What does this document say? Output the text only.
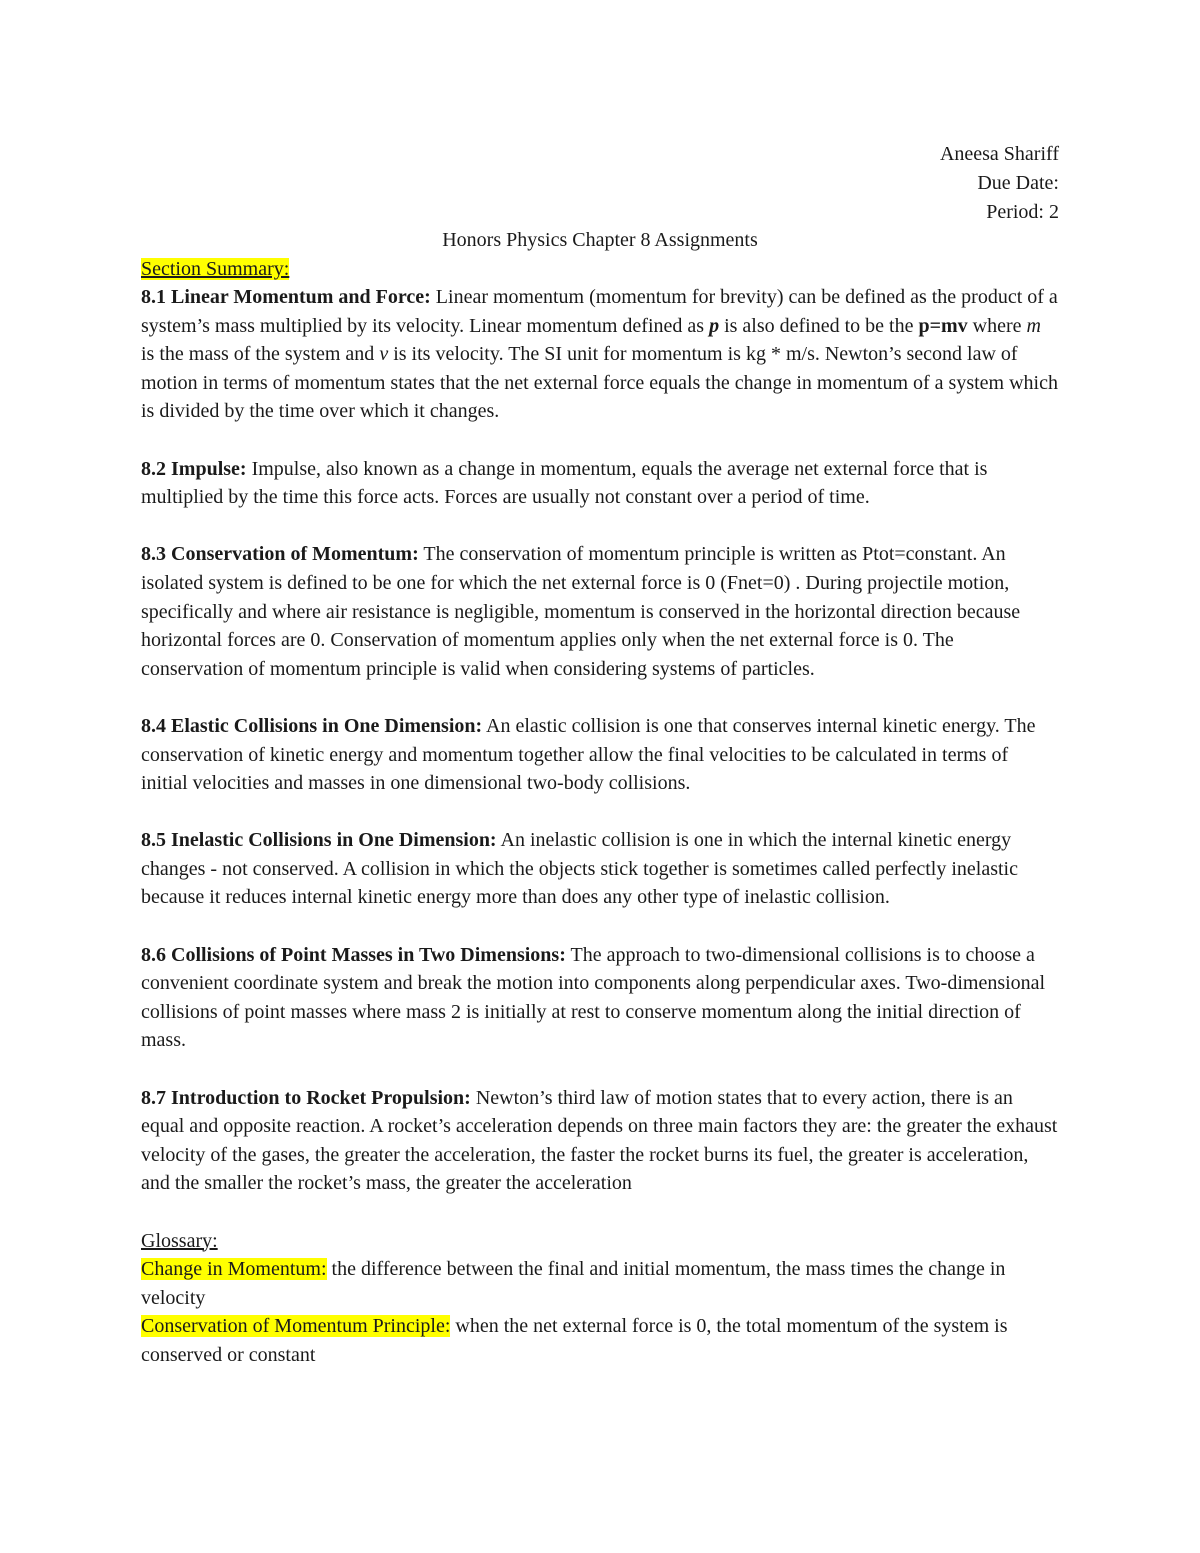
Aneesa Shariff
Due Date:
Period: 2
Honors Physics Chapter 8 Assignments
Section Summary:

8.1 Linear Momentum and Force: Linear momentum (momentum for brevity) can be defined as the product of a system’s mass multiplied by its velocity. Linear momentum defined as p is also defined to be the p=mv where m is the mass of the system and v is its velocity. The SI unit for momentum is kg * m/s. Newton’s second law of motion in terms of momentum states that the net external force equals the change in momentum of a system which is divided by the time over which it changes.

8.2 Impulse: Impulse, also known as a change in momentum, equals the average net external force that is multiplied by the time this force acts. Forces are usually not constant over a period of time.

8.3 Conservation of Momentum: The conservation of momentum principle is written as Ptot=constant. An isolated system is defined to be one for which the net external force is 0 (Fnet=0) . During projectile motion, specifically and where air resistance is negligible, momentum is conserved in the horizontal direction because horizontal forces are 0. Conservation of momentum applies only when the net external force is 0. The conservation of momentum principle is valid when considering systems of particles.

8.4 Elastic Collisions in One Dimension: An elastic collision is one that conserves internal kinetic energy. The conservation of kinetic energy and momentum together allow the final velocities to be calculated in terms of initial velocities and masses in one dimensional two-body collisions.

8.5 Inelastic Collisions in One Dimension: An inelastic collision is one in which the internal kinetic energy changes - not conserved. A collision in which the objects stick together is sometimes called perfectly inelastic because it reduces internal kinetic energy more than does any other type of inelastic collision.

8.6 Collisions of Point Masses in Two Dimensions: The approach to two-dimensional collisions is to choose a convenient coordinate system and break the motion into components along perpendicular axes. Two-dimensional collisions of point masses where mass 2 is initially at rest to conserve momentum along the initial direction of mass.

8.7 Introduction to Rocket Propulsion: Newton’s third law of motion states that to every action, there is an equal and opposite reaction. A rocket’s acceleration depends on three main factors they are: the greater the exhaust velocity of the gases, the greater the acceleration, the faster the rocket burns its fuel, the greater is acceleration, and the smaller the rocket’s mass, the greater the acceleration

Glossary:

Change in Momentum: the difference between the final and initial momentum, the mass times the change in velocity

Conservation of Momentum Principle: when the net external force is 0, the total momentum of the system is conserved or constant
